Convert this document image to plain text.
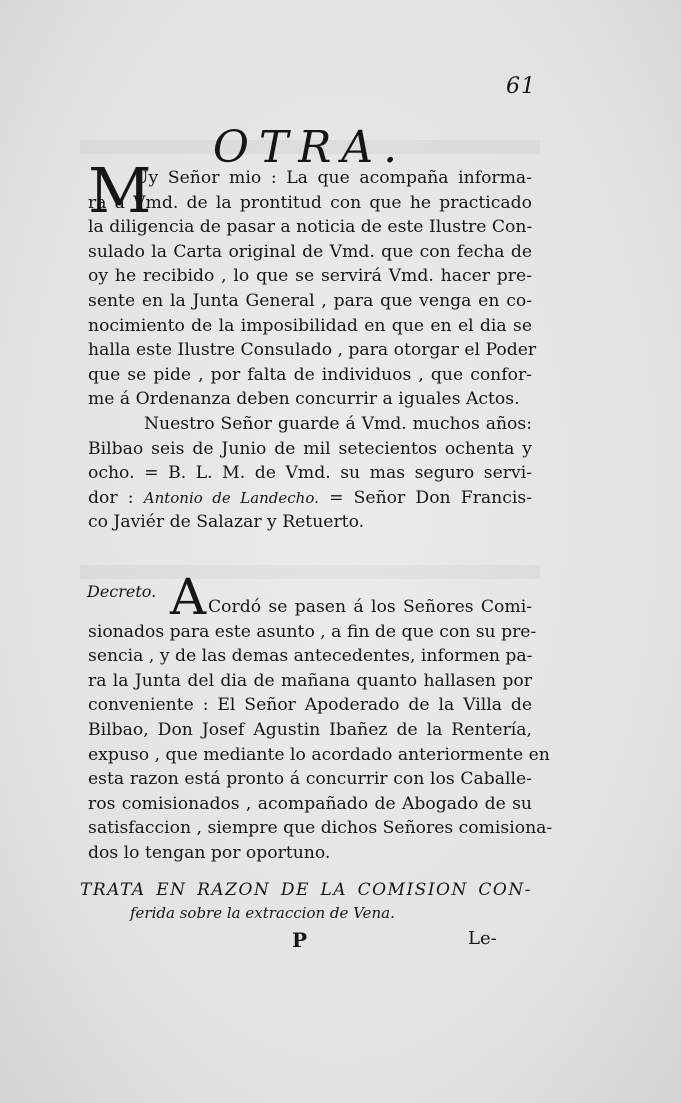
61
OTRA.
M
Uy Señor mio : La que acompaña informa-
ra a Vmd. de la prontitud con que he practicado
la diligencia de pasar a noticia de este Ilustre Con-
sulado la Carta original de Vmd. que con fecha de
oy he recibido , lo que se servirá Vmd. hacer pre-
sente en la Junta General , para que venga en co-
nocimiento de la imposibilidad en que en el dia se
halla este Ilustre Consulado , para otorgar el Poder
que se pide , por falta de individuos , que confor-
me á Ordenanza deben concurrir a iguales Actos.
Nuestro Señor guarde á Vmd. muchos años:
Bilbao seis de Junio de mil setecientos ochenta y
ocho. = B. L. M. de Vmd. su mas seguro servi-
dor : Antonio de Landecho. = Señor Don Francis-
co Javiér de Salazar y Retuerto.
Decreto. A Cordó se pasen á los Señores Comi-
sionados para este asunto , a fin de que con su pre-
sencia , y de las demas antecedentes, informen pa-
ra la Junta del dia de mañana quanto hallasen por
conveniente : El Señor Apoderado de la Villa de
Bilbao, Don Josef Agustin Ibañez de la Rentería,
expuso , que mediante lo acordado anteriormente en
esta razon está pronto á concurrir con los Caballe-
ros comisionados , acompañado de Abogado de su
satisfaccion , siempre que dichos Señores comisiona-
dos lo tengan por oportuno.
TRATA EN RAZON DE LA COMISION CON-
ferida sobre la extraccion de Vena.
P	Le-
